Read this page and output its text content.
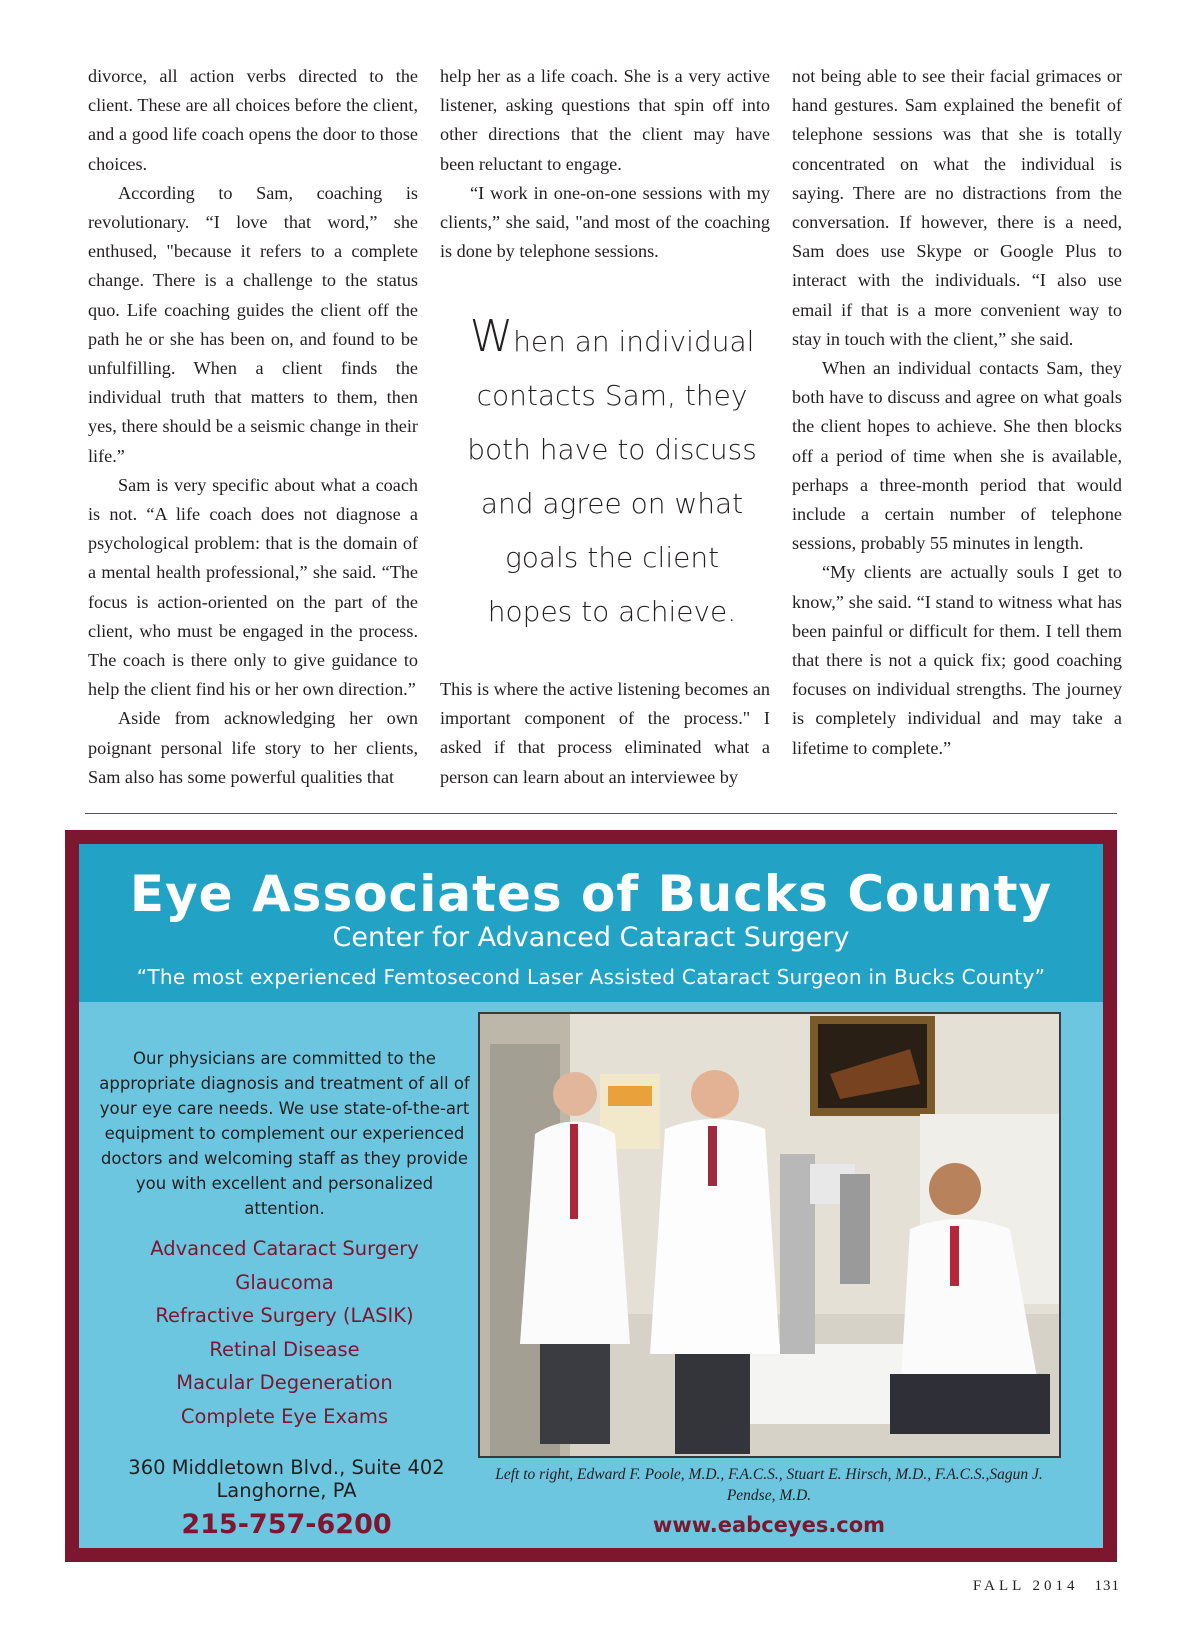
divorce, all action verbs directed to the client. These are all choices before the client, and a good life coach opens the door to those choices.

According to Sam, coaching is revolutionary. “I love that word,” she enthused, "because it refers to a complete change. There is a challenge to the status quo. Life coaching guides the client off the path he or she has been on, and found to be unfulfilling. When a client finds the individual truth that matters to them, then yes, there should be a seismic change in their life.”

Sam is very specific about what a coach is not. “A life coach does not diagnose a psychological problem: that is the domain of a mental health professional,” she said. “The focus is action-oriented on the part of the client, who must be engaged in the process. The coach is there only to give guidance to help the client find his or her own direction.”

Aside from acknowledging her own poignant personal life story to her clients, Sam also has some powerful qualities that

help her as a life coach. She is a very active listener, asking questions that spin off into other directions that the client may have been reluctant to engage.

“I work in one-on-one sessions with my clients,” she said, "and most of the coaching is done by telephone sessions.

When an individual contacts Sam, they both have to discuss and agree on what goals the client hopes to achieve.

This is where the active listening becomes an important component of the process." I asked if that process eliminated what a person can learn about an interviewee by

not being able to see their facial grimaces or hand gestures. Sam explained the benefit of telephone sessions was that she is totally concentrated on what the individual is saying. There are no distractions from the conversation. If however, there is a need, Sam does use Skype or Google Plus to interact with the individuals. “I also use email if that is a more convenient way to stay in touch with the client,” she said.

When an individual contacts Sam, they both have to discuss and agree on what goals the client hopes to achieve. She then blocks off a period of time when she is available, perhaps a three-month period that would include a certain number of telephone sessions, probably 55 minutes in length.

“My clients are actually souls I get to know,” she said. “I stand to witness what has been painful or difficult for them. I tell them that there is not a quick fix; good coaching focuses on individual strengths. The journey is completely individual and may take a lifetime to complete.”

Eye Associates of Bucks County
Center for Advanced Cataract Surgery
“The most experienced Femtosecond Laser Assisted Cataract Surgeon in Bucks County”
Our physicians are committed to the appropriate diagnosis and treatment of all of your eye care needs. We use state-of-the-art equipment to complement our experienced doctors and welcoming staff as they provide you with excellent and personalized attention.
Advanced Cataract Surgery
Glaucoma
Refractive Surgery (LASIK)
Retinal Disease
Macular Degeneration
Complete Eye Exams
360 Middletown Blvd., Suite 402
Langhorne, PA
215-757-6200
Left to right, Edward F. Poole, M.D., F.A.C.S., Stuart E. Hirsch, M.D., F.A.C.S.,Sagun J. Pendse, M.D.
www.eabceyes.com
FALL 2014 131
